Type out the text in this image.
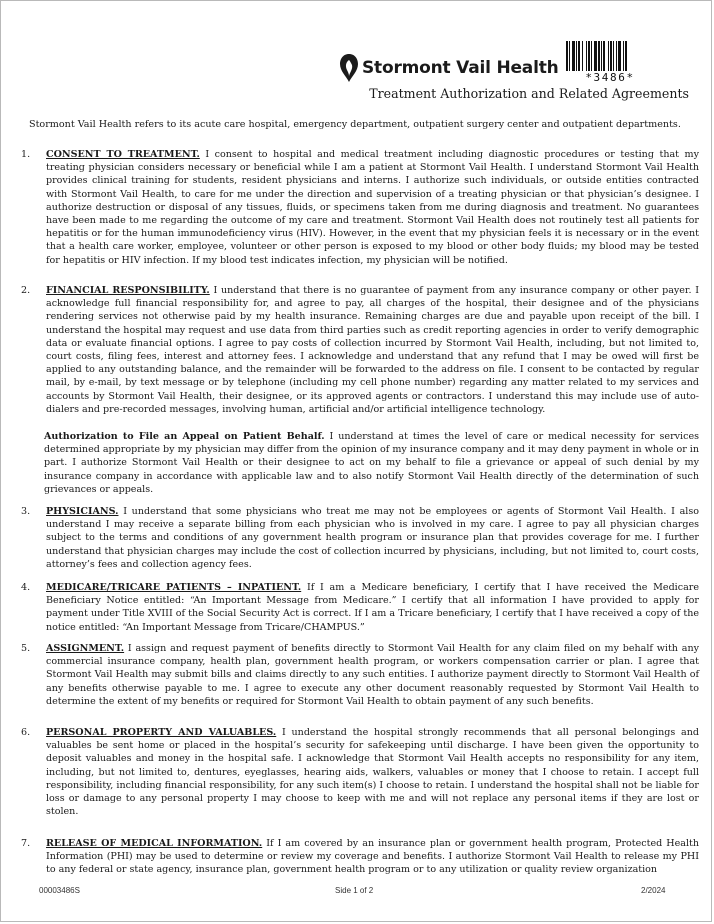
Stormont Vail Health	*3486*
Treatment Authorization and Related Agreements
Stormont Vail Health refers to its acute care hospital, emergency department, outpatient surgery center and outpatient departments.
1. CONSENT TO TREATMENT. I consent to hospital and medical treatment including diagnostic procedures or testing that my treating physician considers necessary or beneficial while I am a patient at Stormont Vail Health. I understand Stormont Vail Health provides clinical training for students, resident physicians and interns. I authorize such individuals, or outside entities contracted with Stormont Vail Health, to care for me under the direction and supervision of a treating physician or that physician’s designee. I authorize destruction or disposal of any tissues, fluids, or specimens taken from me during diagnosis and treatment. No guarantees have been made to me regarding the outcome of my care and treatment. Stormont Vail Health does not routinely test all patients for hepatitis or for the human immunodeficiency virus (HIV). However, in the event that my physician feels it is necessary or in the event that a health care worker, employee, volunteer or other person is exposed to my blood or other body fluids; my blood may be tested for hepatitis or HIV infection. If my blood test indicates infection, my physician will be notified.
2. FINANCIAL RESPONSIBILITY. I understand that there is no guarantee of payment from any insurance company or other payer. I acknowledge full financial responsibility for, and agree to pay, all charges of the hospital, their designee and of the physicians rendering services not otherwise paid by my health insurance. Remaining charges are due and payable upon receipt of the bill. I understand the hospital may request and use data from third parties such as credit reporting agencies in order to verify demographic data or evaluate financial options. I agree to pay costs of collection incurred by Stormont Vail Health, including, but not limited to, court costs, filing fees, interest and attorney fees. I acknowledge and understand that any refund that I may be owed will first be applied to any outstanding balance, and the remainder will be forwarded to the address on file. I consent to be contacted by regular mail, by e-mail, by text message or by telephone (including my cell phone number) regarding any matter related to my services and accounts by Stormont Vail Health, their designee, or its approved agents or contractors. I understand this may include use of auto-dialers and pre-recorded messages, involving human, artificial and/or artificial intelligence technology.
Authorization to File an Appeal on Patient Behalf. I understand at times the level of care or medical necessity for services determined appropriate by my physician may differ from the opinion of my insurance company and it may deny payment in whole or in part. I authorize Stormont Vail Health or their designee to act on my behalf to file a grievance or appeal of such denial by my insurance company in accordance with applicable law and to also notify Stormont Vail Health directly of the determination of such grievances or appeals.
3. PHYSICIANS. I understand that some physicians who treat me may not be employees or agents of Stormont Vail Health. I also understand I may receive a separate billing from each physician who is involved in my care. I agree to pay all physician charges subject to the terms and conditions of any government health program or insurance plan that provides coverage for me. I further understand that physician charges may include the cost of collection incurred by physicians, including, but not limited to, court costs, attorney’s fees and collection agency fees.
4. MEDICARE/TRICARE PATIENTS – INPATIENT. If I am a Medicare beneficiary, I certify that I have received the Medicare Beneficiary Notice entitled: “An Important Message from Medicare.” I certify that all information I have provided to apply for payment under Title XVIII of the Social Security Act is correct. If I am a Tricare beneficiary, I certify that I have received a copy of the notice entitled: “An Important Message from Tricare/CHAMPUS.”
5. ASSIGNMENT. I assign and request payment of benefits directly to Stormont Vail Health for any claim filed on my behalf with any commercial insurance company, health plan, government health program, or workers compensation carrier or plan. I agree that Stormont Vail Health may submit bills and claims directly to any such entities. I authorize payment directly to Stormont Vail Health of any benefits otherwise payable to me. I agree to execute any other document reasonably requested by Stormont Vail Health to determine the extent of my benefits or required for Stormont Vail Health to obtain payment of any such benefits.
6. PERSONAL PROPERTY AND VALUABLES. I understand the hospital strongly recommends that all personal belongings and valuables be sent home or placed in the hospital’s security for safekeeping until discharge. I have been given the opportunity to deposit valuables and money in the hospital safe. I acknowledge that Stormont Vail Health accepts no responsibility for any item, including, but not limited to, dentures, eyeglasses, hearing aids, walkers, valuables or money that I choose to retain. I accept full responsibility, including financial responsibility, for any such item(s) I choose to retain. I understand the hospital shall not be liable for loss or damage to any personal property I may choose to keep with me and will not replace any personal items if they are lost or stolen.
7. RELEASE OF MEDICAL INFORMATION. If I am covered by an insurance plan or government health program, Protected Health Information (PHI) may be used to determine or review my coverage and benefits. I authorize Stormont Vail Health to release my PHI to any federal or state agency, insurance plan, government health program or to any utilization or quality review organization
00003486S	Side 1 of 2	2/2024
